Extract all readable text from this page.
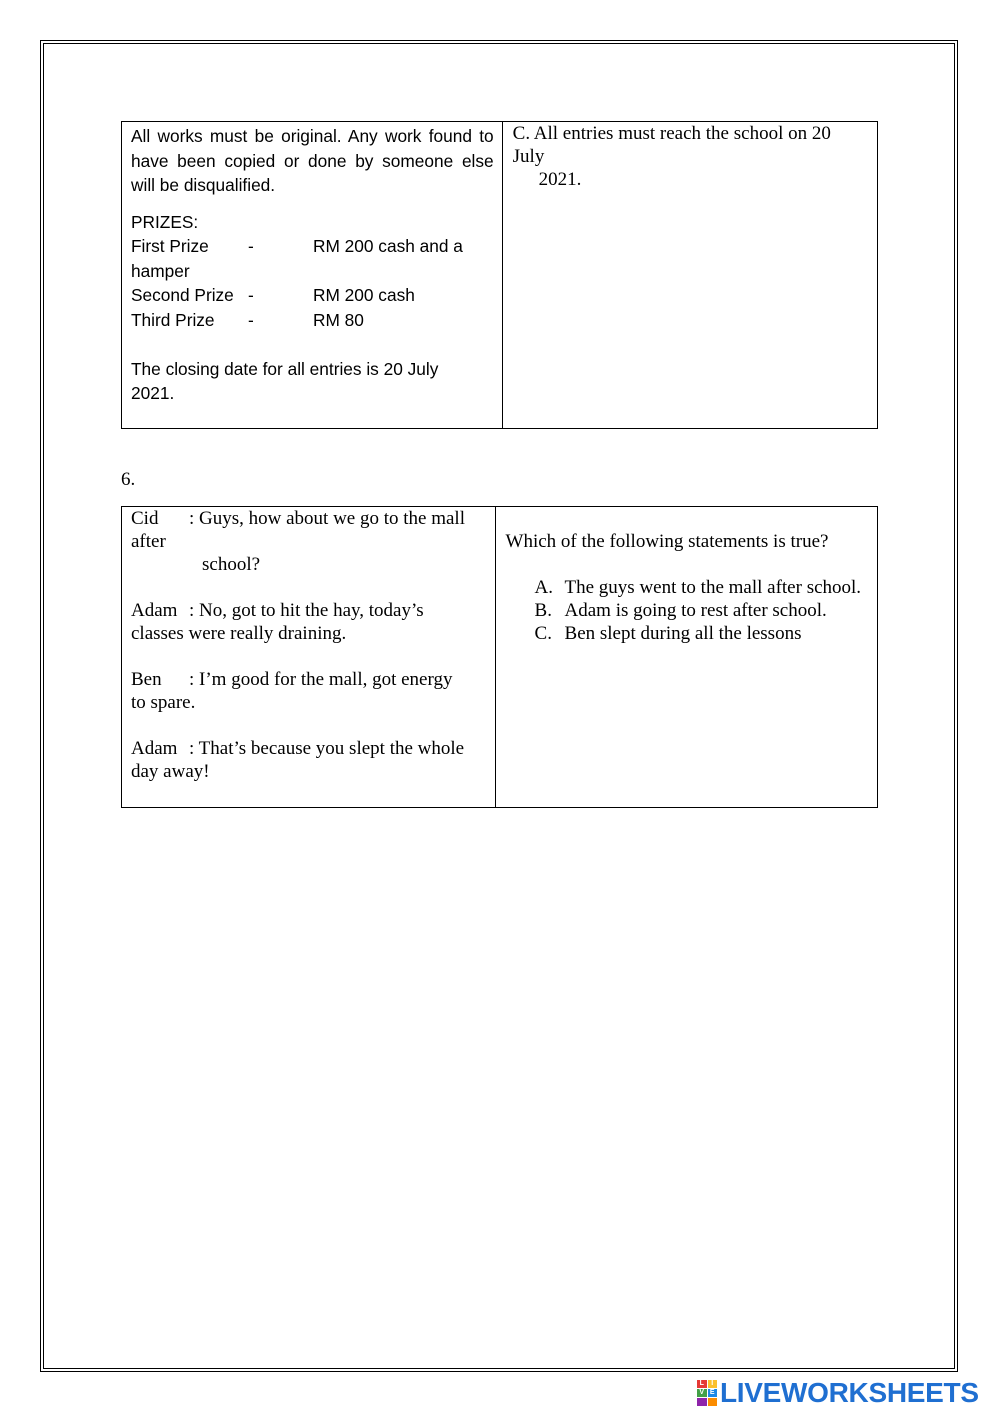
All works must be original. Any work found to have been copied or done by someone else will be disqualified.
PRIZES:
First Prize	-	RM 200 cash and a
hamper
Second Prize -	RM 200 cash
Third Prize	-	RM 80
The closing date for all entries is 20 July
2021.

C. All entries must reach the school on 20
July
2021.
6.
Cid : Guys, how about we go to the mall
after
school?
Adam : No, got to hit the hay, today’s
classes were really draining.
Ben : I’m good for the mall, got energy
to spare.
Adam : That’s because you slept the whole
day away!

Which of the following statements is true?
A. The guys went to the mall after school.
B. Adam is going to rest after school.
C. Ben slept during all the lessons
L	I
V E LIVEWORKSHEETS
